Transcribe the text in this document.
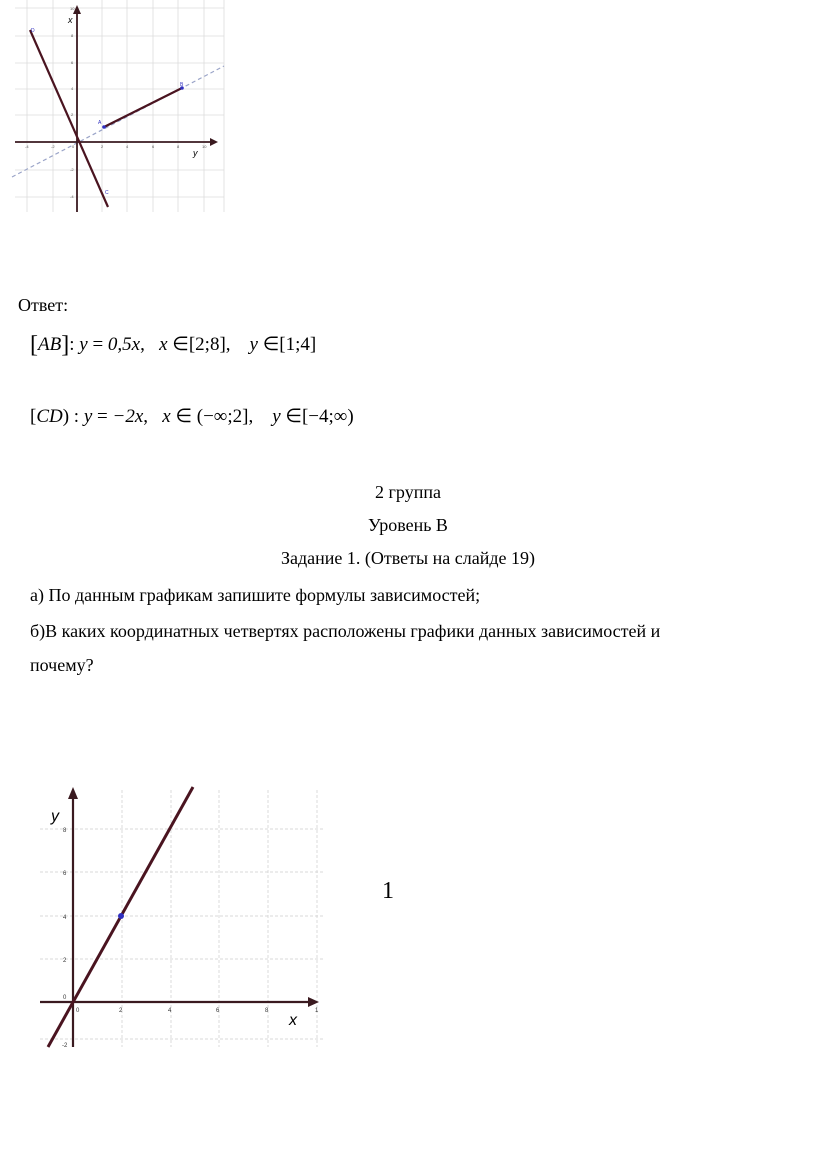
x
y
D
A
B
C
10
8
6
4
2
-2
-4
-4	-2	2	4	6	8	10
0
Ответ:
[AB]: y = 0,5x,   x ∈[2;8],    y ∈[1;4]
[CD) : y = −2x,   x ∈ (−∞;2],    y ∈[−4;∞)
2 группа
Уровень В
Задание 1. (Ответы на слайде 19)
а) По данным графикам запишите формулы зависимостей;
б)В каких координатных четвертях расположены графики данных зависимостей и
почему?
y
x
8
6
4
2
0
-2
0	2	4	6	8	1
1
